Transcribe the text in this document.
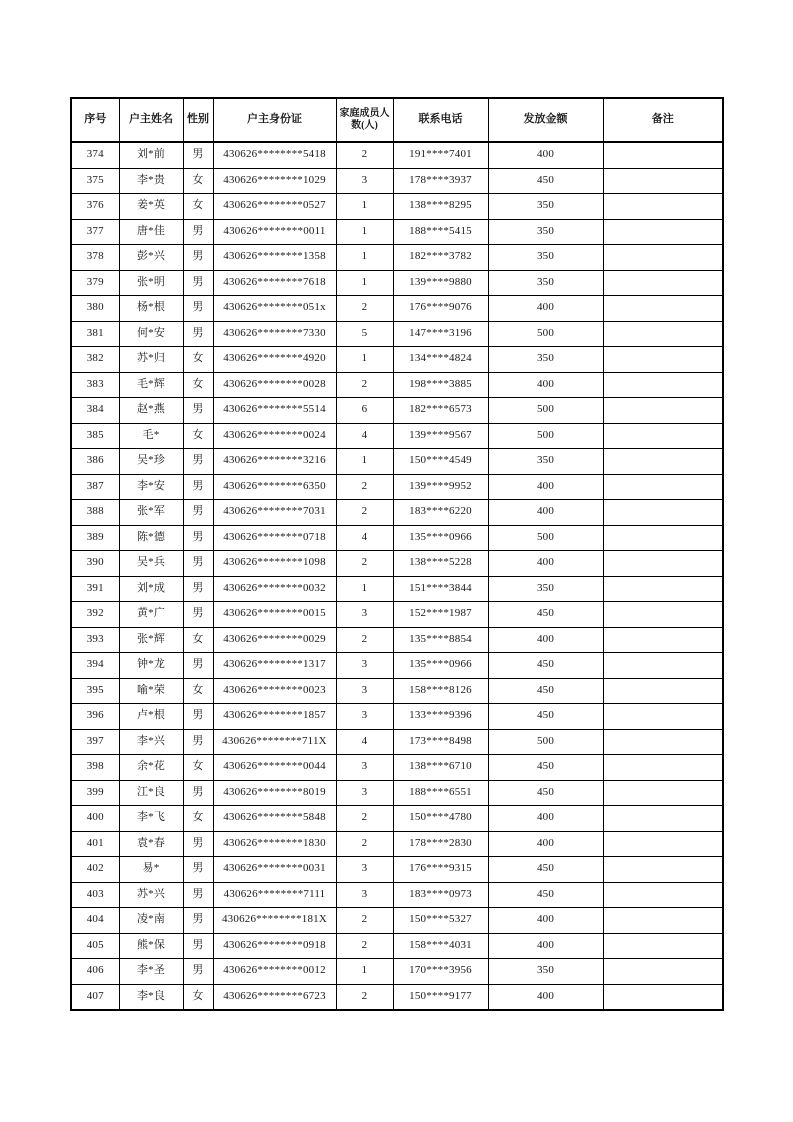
序号	户主姓名	性别	户主身份证	家庭成员人数(人)	联系电话	发放金额	备注
374	刘*前	男	430626********5418	2	191****7401	400	
375	李*贵	女	430626********1029	3	178****3937	450	
376	姜*英	女	430626********0527	1	138****8295	350	
377	唐*佳	男	430626********0011	1	188****5415	350	
378	彭*兴	男	430626********1358	1	182****3782	350	
379	张*明	男	430626********7618	1	139****9880	350	
380	杨*根	男	430626********051x	2	176****9076	400	
381	何*安	男	430626********7330	5	147****3196	500	
382	苏*归	女	430626********4920	1	134****4824	350	
383	毛*辉	女	430626********0028	2	198****3885	400	
384	赵*燕	男	430626********5514	6	182****6573	500	
385	毛*	女	430626********0024	4	139****9567	500	
386	吴*珍	男	430626********3216	1	150****4549	350	
387	李*安	男	430626********6350	2	139****9952	400	
388	张*军	男	430626********7031	2	183****6220	400	
389	陈*德	男	430626********0718	4	135****0966	500	
390	吴*兵	男	430626********1098	2	138****5228	400	
391	刘*成	男	430626********0032	1	151****3844	350	
392	黄*广	男	430626********0015	3	152****1987	450	
393	张*辉	女	430626********0029	2	135****8854	400	
394	钟*龙	男	430626********1317	3	135****0966	450	
395	喻*荣	女	430626********0023	3	158****8126	450	
396	卢*根	男	430626********1857	3	133****9396	450	
397	李*兴	男	430626********711X	4	173****8498	500	
398	余*花	女	430626********0044	3	138****6710	450	
399	江*良	男	430626********8019	3	188****6551	450	
400	李*飞	女	430626********5848	2	150****4780	400	
401	袁*春	男	430626********1830	2	178****2830	400	
402	易*	男	430626********0031	3	176****9315	450	
403	苏*兴	男	430626********7111	3	183****0973	450	
404	凌*南	男	430626********181X	2	150****5327	400	
405	熊*保	男	430626********0918	2	158****4031	400	
406	李*圣	男	430626********0012	1	170****3956	350	
407	李*良	女	430626********6723	2	150****9177	400	
